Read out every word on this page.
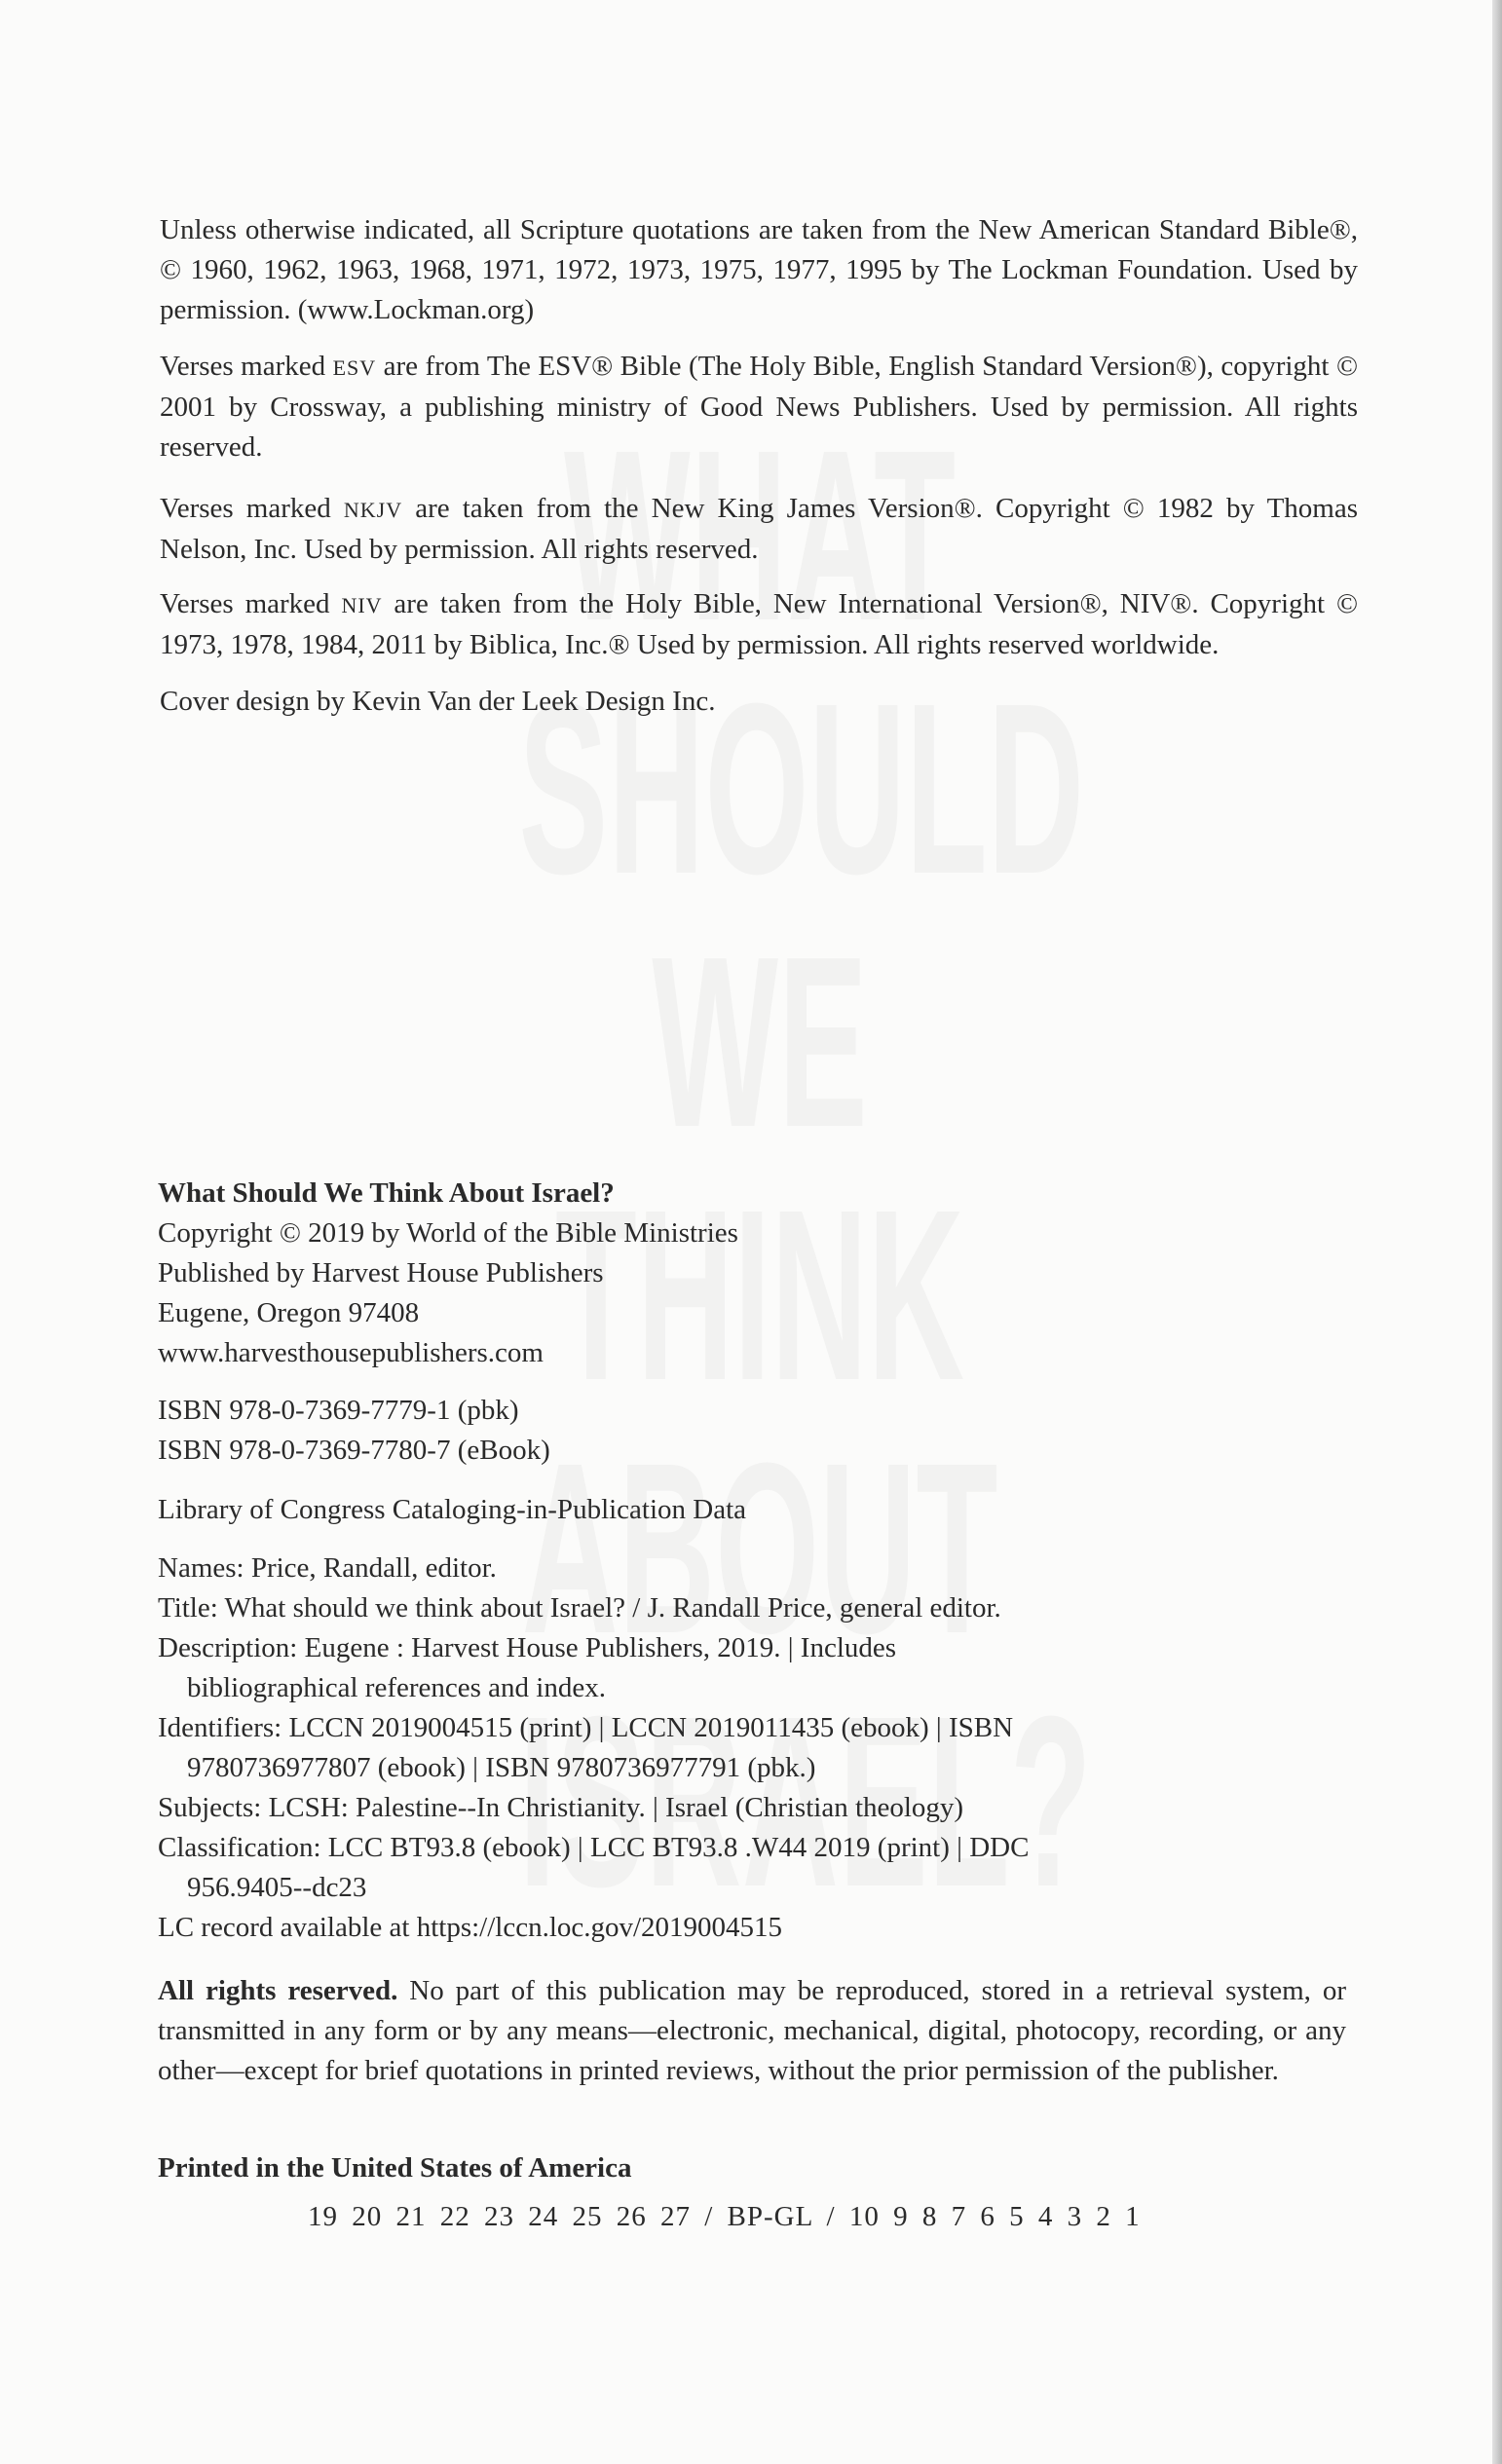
Unless otherwise indicated, all Scripture quotations are taken from the New American Standard Bible®, © 1960, 1962, 1963, 1968, 1971, 1972, 1973, 1975, 1977, 1995 by The Lockman Foundation. Used by permission. (www.Lockman.org)

Verses marked ESV are from The ESV® Bible (The Holy Bible, English Standard Version®), copyright © 2001 by Crossway, a publishing ministry of Good News Publishers. Used by permission. All rights reserved.

Verses marked NKJV are taken from the New King James Version®. Copyright © 1982 by Thomas Nelson, Inc. Used by permission. All rights reserved.

Verses marked NIV are taken from the Holy Bible, New International Version®, NIV®. Copyright © 1973, 1978, 1984, 2011 by Biblica, Inc.® Used by permission. All rights reserved worldwide.

Cover design by Kevin Van der Leek Design Inc.

What Should We Think About Israel?

Copyright © 2019 by World of the Bible Ministries

Published by Harvest House Publishers

Eugene, Oregon 97408

www.harvesthousepublishers.com

ISBN 978-0-7369-7779-1 (pbk)

ISBN 978-0-7369-7780-7 (eBook)

Library of Congress Cataloging-in-Publication Data

Names: Price, Randall, editor.

Title: What should we think about Israel? / J. Randall Price, general editor.

Description: Eugene : Harvest House Publishers, 2019. | Includes

bibliographical references and index.

Identifiers: LCCN 2019004515 (print) | LCCN 2019011435 (ebook) | ISBN

9780736977807 (ebook) | ISBN 9780736977791 (pbk.)

Subjects: LCSH: Palestine--In Christianity. | Israel (Christian theology)

Classification: LCC BT93.8 (ebook) | LCC BT93.8 .W44 2019 (print) | DDC

956.9405--dc23

LC record available at https://lccn.loc.gov/2019004515

All rights reserved. No part of this publication may be reproduced, stored in a retrieval system, or transmitted in any form or by any means—electronic, mechanical, digital, photocopy, recording, or any other—except for brief quotations in printed reviews, without the prior permission of the publisher.

Printed in the United States of America

19 20 21 22 23 24 25 26 27 / BP-GL / 10 9 8 7 6 5 4 3 2 1
